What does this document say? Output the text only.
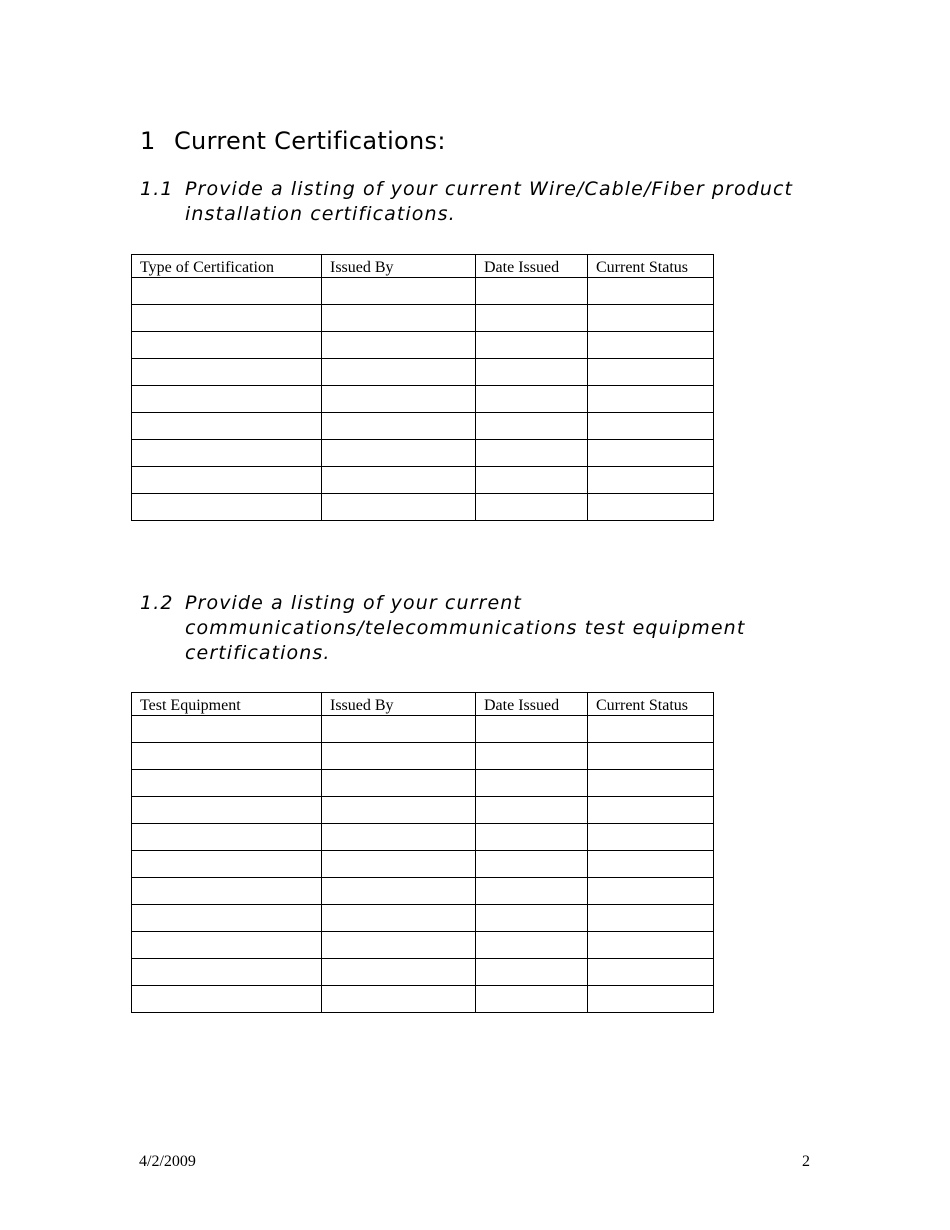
1 Current Certifications:
1.1 Provide a listing of your current Wire/Cable/Fiber product installation certifications.
Type of Certification	Issued By	Date Issued	Current Status

1.2 Provide a listing of your current communications/telecommunications test equipment certifications.
Test Equipment	Issued By	Date Issued	Current Status

4/2/2009	2
